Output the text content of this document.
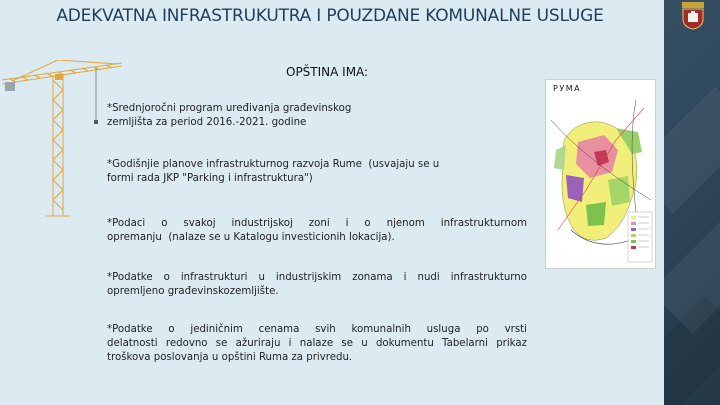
ADEKVATNA INFRASTRUKUTRA I POUZDANE KOMUNALNE USLUGE

OPŠTINA IMA:
*Srednjoročni program uređivanja građevinskog
zemljišta za period 2016.-2021. godine
*Godišnjie planove infrastrukturnog razvoja Rume  (usvajaju se u
formi rada JKP "Parking i infrastruktura")
*Podaci o svakoj industrijskoj zoni i o njenom infrastrukturnom
opremanju  (nalaze se u Katalogu investicionih lokacija).
*Podatke o infrastrukturi u industrijskim zonama i nudi infrastrukturno
opremljeno građevinskozemljište.
*Podatke o jediničnim cenama svih komunalnih usluga po vrsti
delatnosti redovno se ažuriraju i nalaze se u dokumentu Tabelarni prikaz
troškova poslovanja u opštini Ruma za privredu.
РУМА
